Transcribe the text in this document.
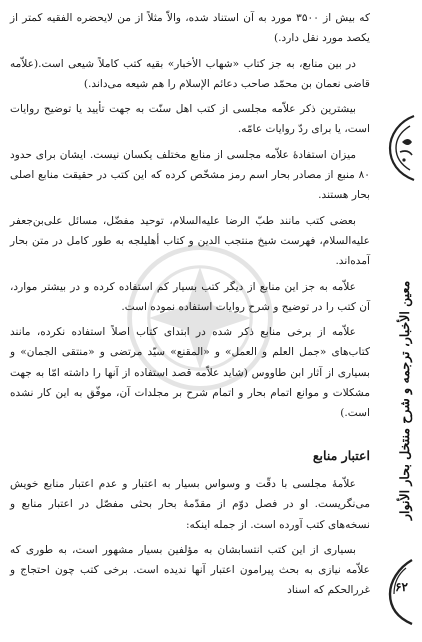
که بیش از ۳۵۰۰ مورد به آن استناد شده، والاّ مثلاً از من لایحضره الفقیه کمتر از یکصد مورد نقل دارد.)

در بین منابع، به جز کتاب «شهاب الأخبار» بقیه کتب کاملاً شیعی است.(علاّمه قاضی نعمان بن محمّد صاحب دعائم الإسلام را هم شیعه می‌داند.)

بیشترین ذکر علاّمه مجلسی از کتب اهل سنّت به جهت تأیید یا توضیح روایات است، یا برای ردّ روایات عامّه.

میزان استفادهٔ علاّمه مجلسی از منابع مختلف یکسان نیست. ایشان برای حدود ۸۰ منبع از مصادر بحار اسم رمز مشخّص کرده که این کتب در حقیقت منابع اصلی بحار هستند.

بعضی کتب مانند طبّ الرضا علیه‌السلام، توحید مفضّل، مسائل علی‌بن‌جعفر علیه‌السلام، فهرست شیخ منتجب الدین و کتاب أهلیلجه به طور کامل در متن بحار آمده‌اند.

علاّمه به جز این منابع از دیگر کتب بسیار کم استفاده کرده و در بیشتر موارد، آن کتب را در توضیح و شرح روایات استفاده نموده است.

علاّمه از برخی منابع ذکر شده در ابتدای کتاب اصلاً استفاده نکرده، مانند کتاب‌های «جمل العلم و العمل» و «المقنع» سیّد مرتضی و «منتقی الجمان» و بسیاری از آثار ابن طاووس (شاید علاّمه قصد استفاده از آنها را داشته امّا به جهت مشکلات و موانع اتمام بحار و اتمام شرح بر مجلدات آن، موفّق به این کار نشده است.)

اعتبار منابع

علاّمهٔ مجلسی با دقّت و وسواس بسیار به اعتبار و عدم اعتبار منابع خویش می‌نگریست. او در فصل دوّم از مقدّمهٔ بحار بحثی مفصّل در اعتبار منابع و نسخه‌های کتب آورده است. از جمله اینکه:

بسیاری از این کتب انتسابشان به مؤلفین بسیار مشهور است، به طوری که علاّمه نیازی به بحث پیرامون اعتبار آنها ندیده است. برخی کتب چون احتجاج و غررالحکم که اسناد

معین الأخبار، ترجمه و شرح منتخل بحار الأنوار
۶۲
